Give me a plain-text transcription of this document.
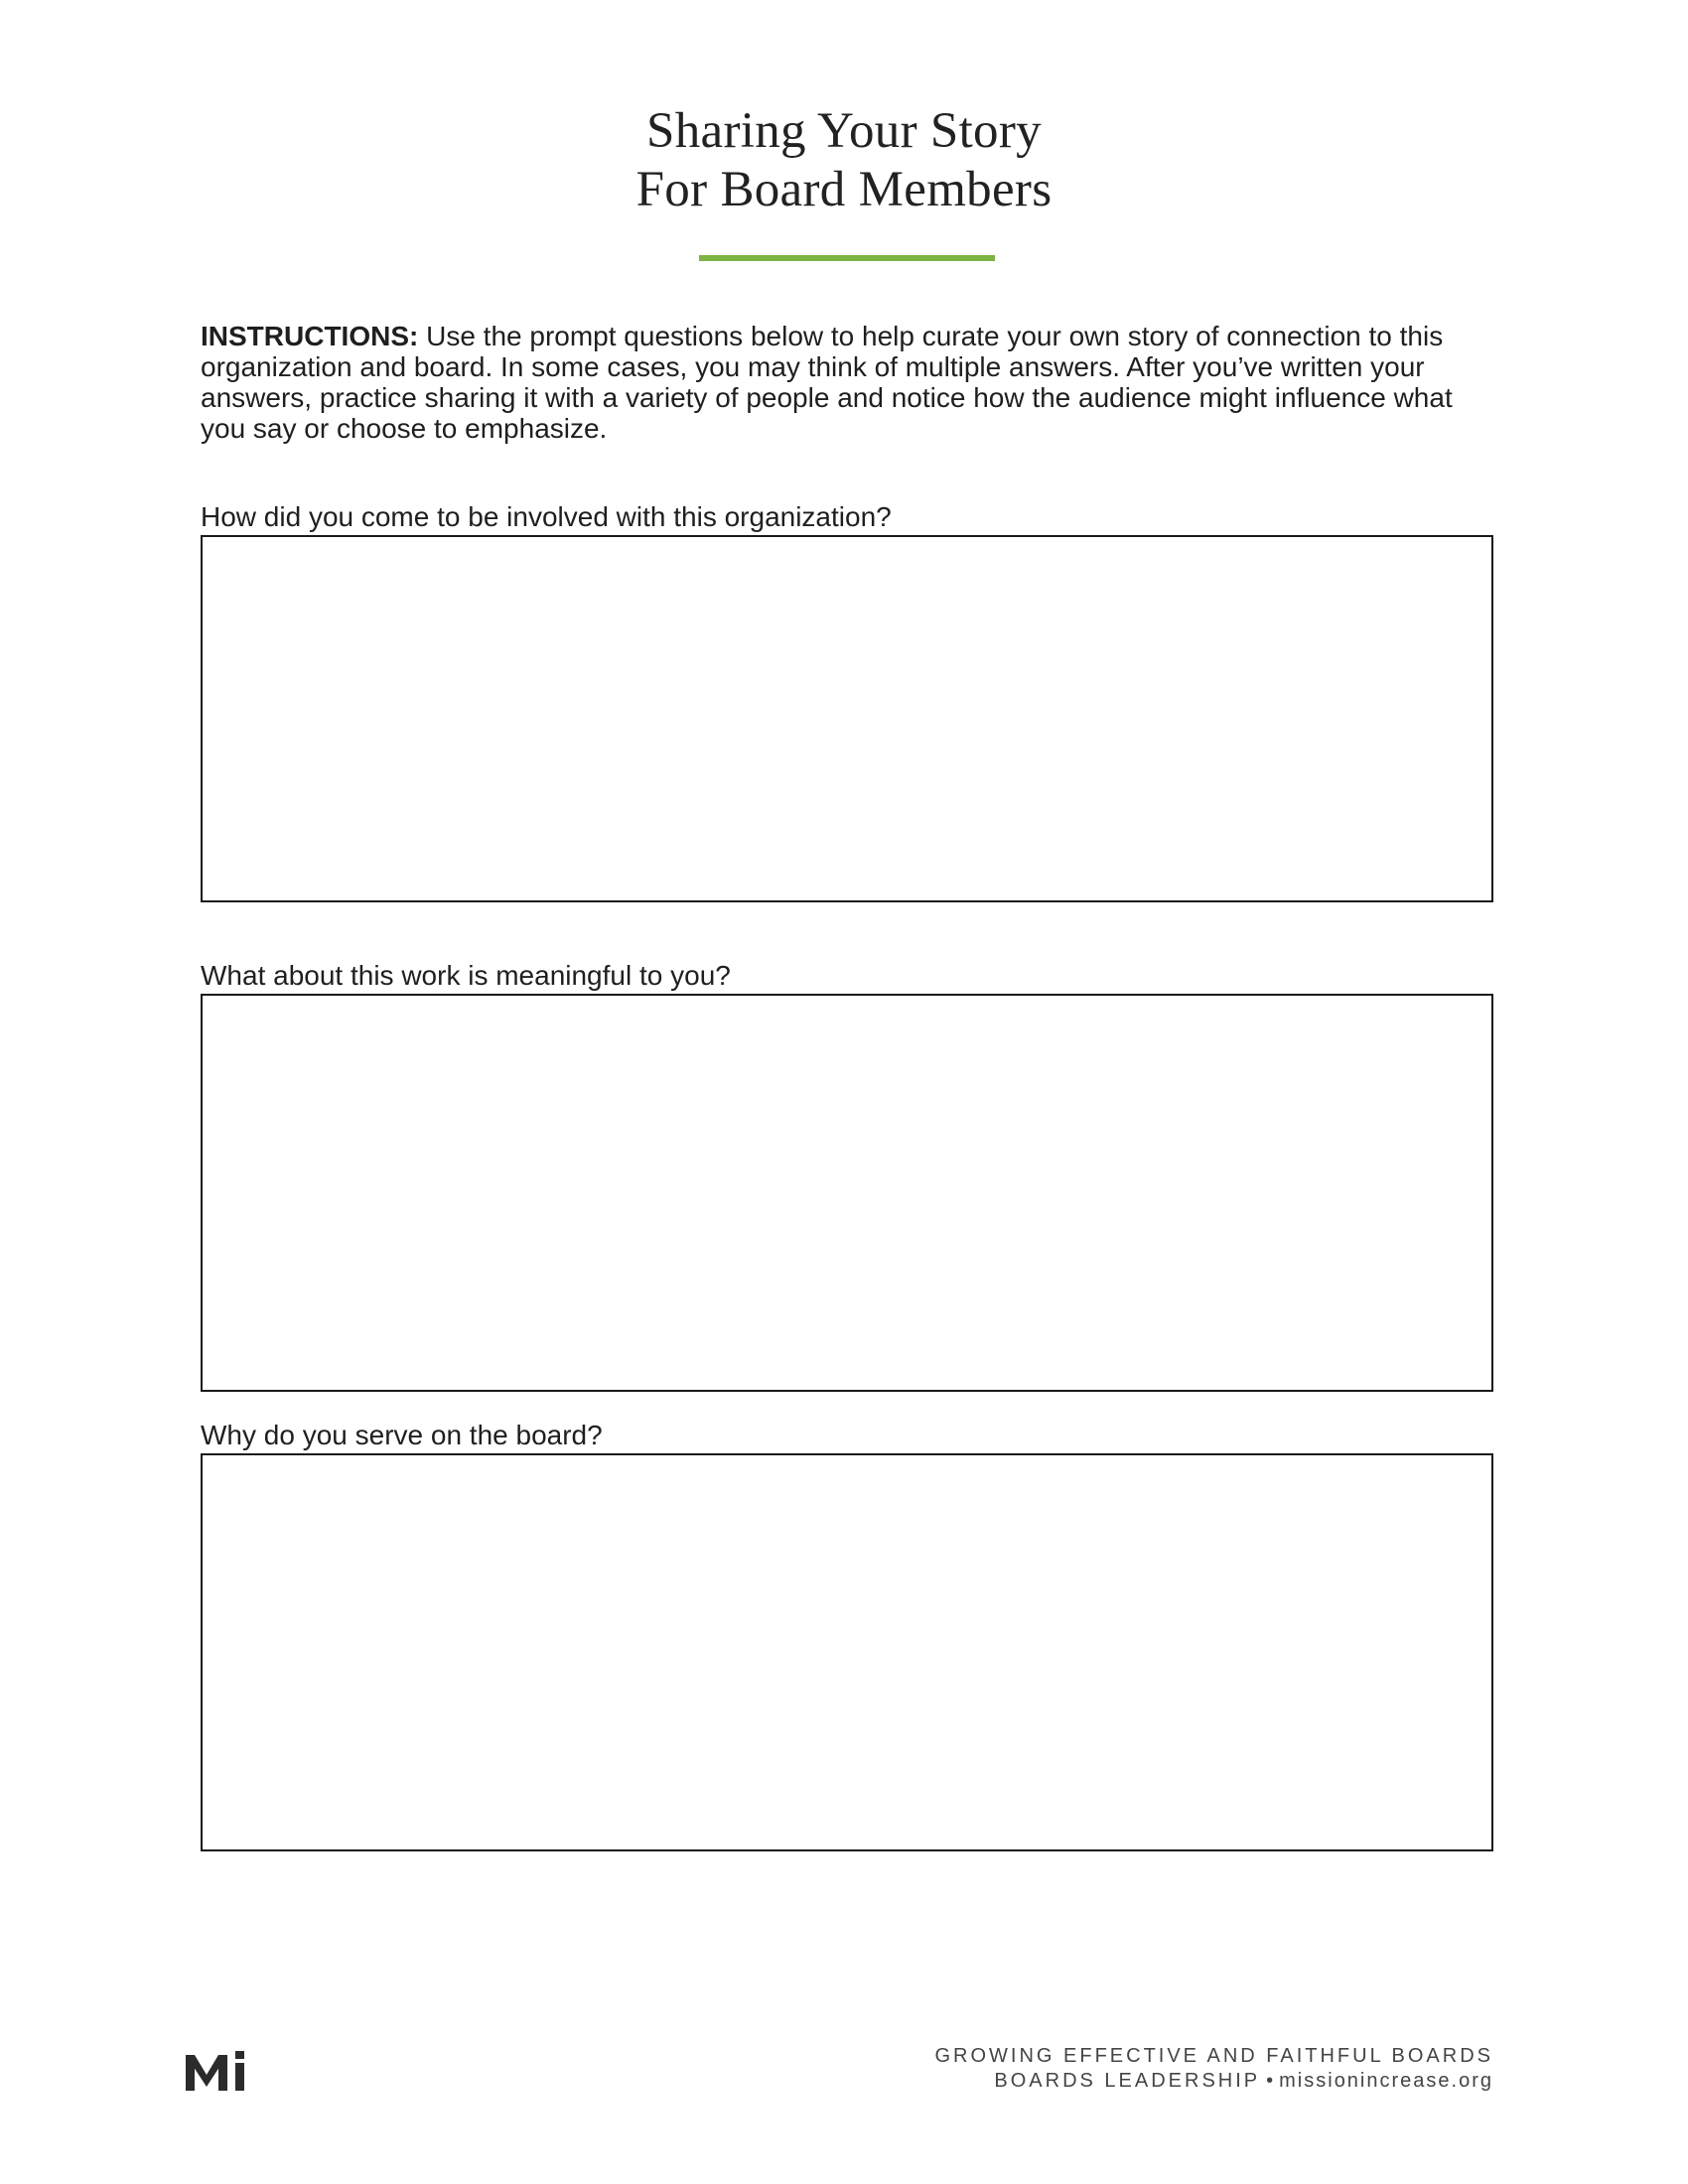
Sharing Your Story
For Board Members
INSTRUCTIONS: Use the prompt questions below to help curate your own story of connection to this organization and board. In some cases, you may think of multiple answers. After you’ve written your answers, practice sharing it with a variety of people and notice how the audience might influence what you say or choose to emphasize.
How did you come to be involved with this organization?
What about this work is meaningful to you?
Why do you serve on the board?
GROWING EFFECTIVE AND FAITHFUL BOARDS
BOARDS LEADERSHIP • missionincrease.org
